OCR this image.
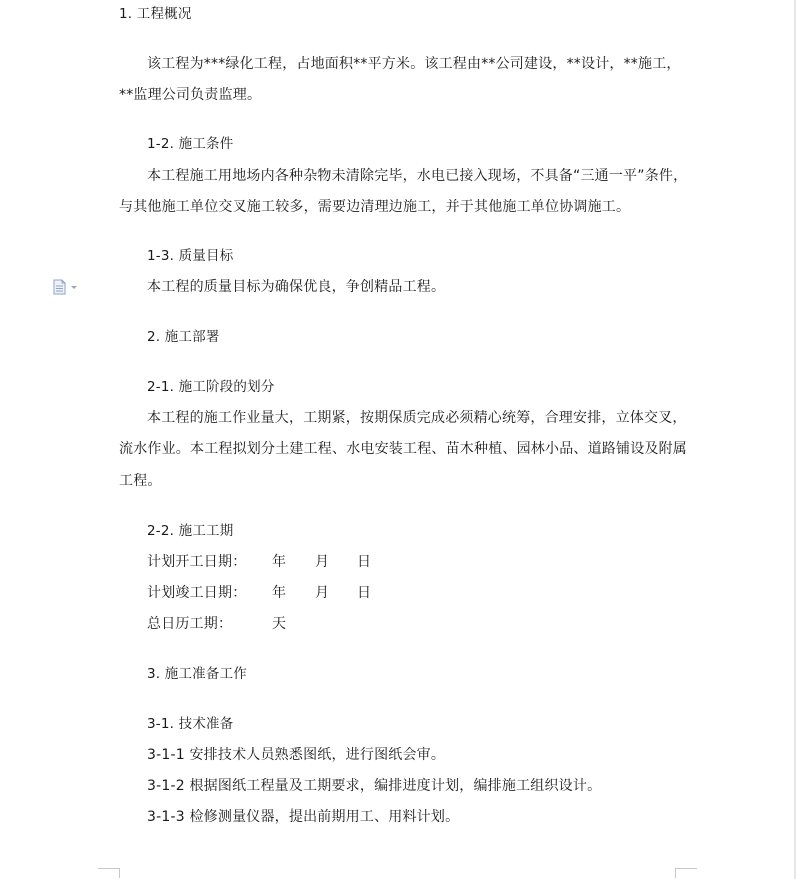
1. 工程概况
该工程为***绿化工程，占地面积**平方米。该工程由**公司建设，**设计，**施工，
**监理公司负责监理。
1-2. 施工条件
本工程施工用地场内各种杂物未清除完毕，水电已接入现场，不具备“三通一平”条件，
与其他施工单位交叉施工较多，需要边清理边施工，并于其他施工单位协调施工。
1-3. 质量目标
本工程的质量目标为确保优良，争创精品工程。
2. 施工部署
2-1. 施工阶段的划分
本工程的施工作业量大，工期紧，按期保质完成必须精心统筹，合理安排，立体交叉，
流水作业。本工程拟划分土建工程、水电安装工程、苗木种植、园林小品、道路铺设及附属
工程。
2-2. 施工工期
计划开工日期： 年 月 日
计划竣工日期： 年 月 日
总日历工期：	天
3. 施工准备工作
3-1. 技术准备
3-1-1 安排技术人员熟悉图纸，进行图纸会审。
3-1-2 根据图纸工程量及工期要求，编排进度计划，编排施工组织设计。
3-1-3 检修测量仪器，提出前期用工、用料计划。
